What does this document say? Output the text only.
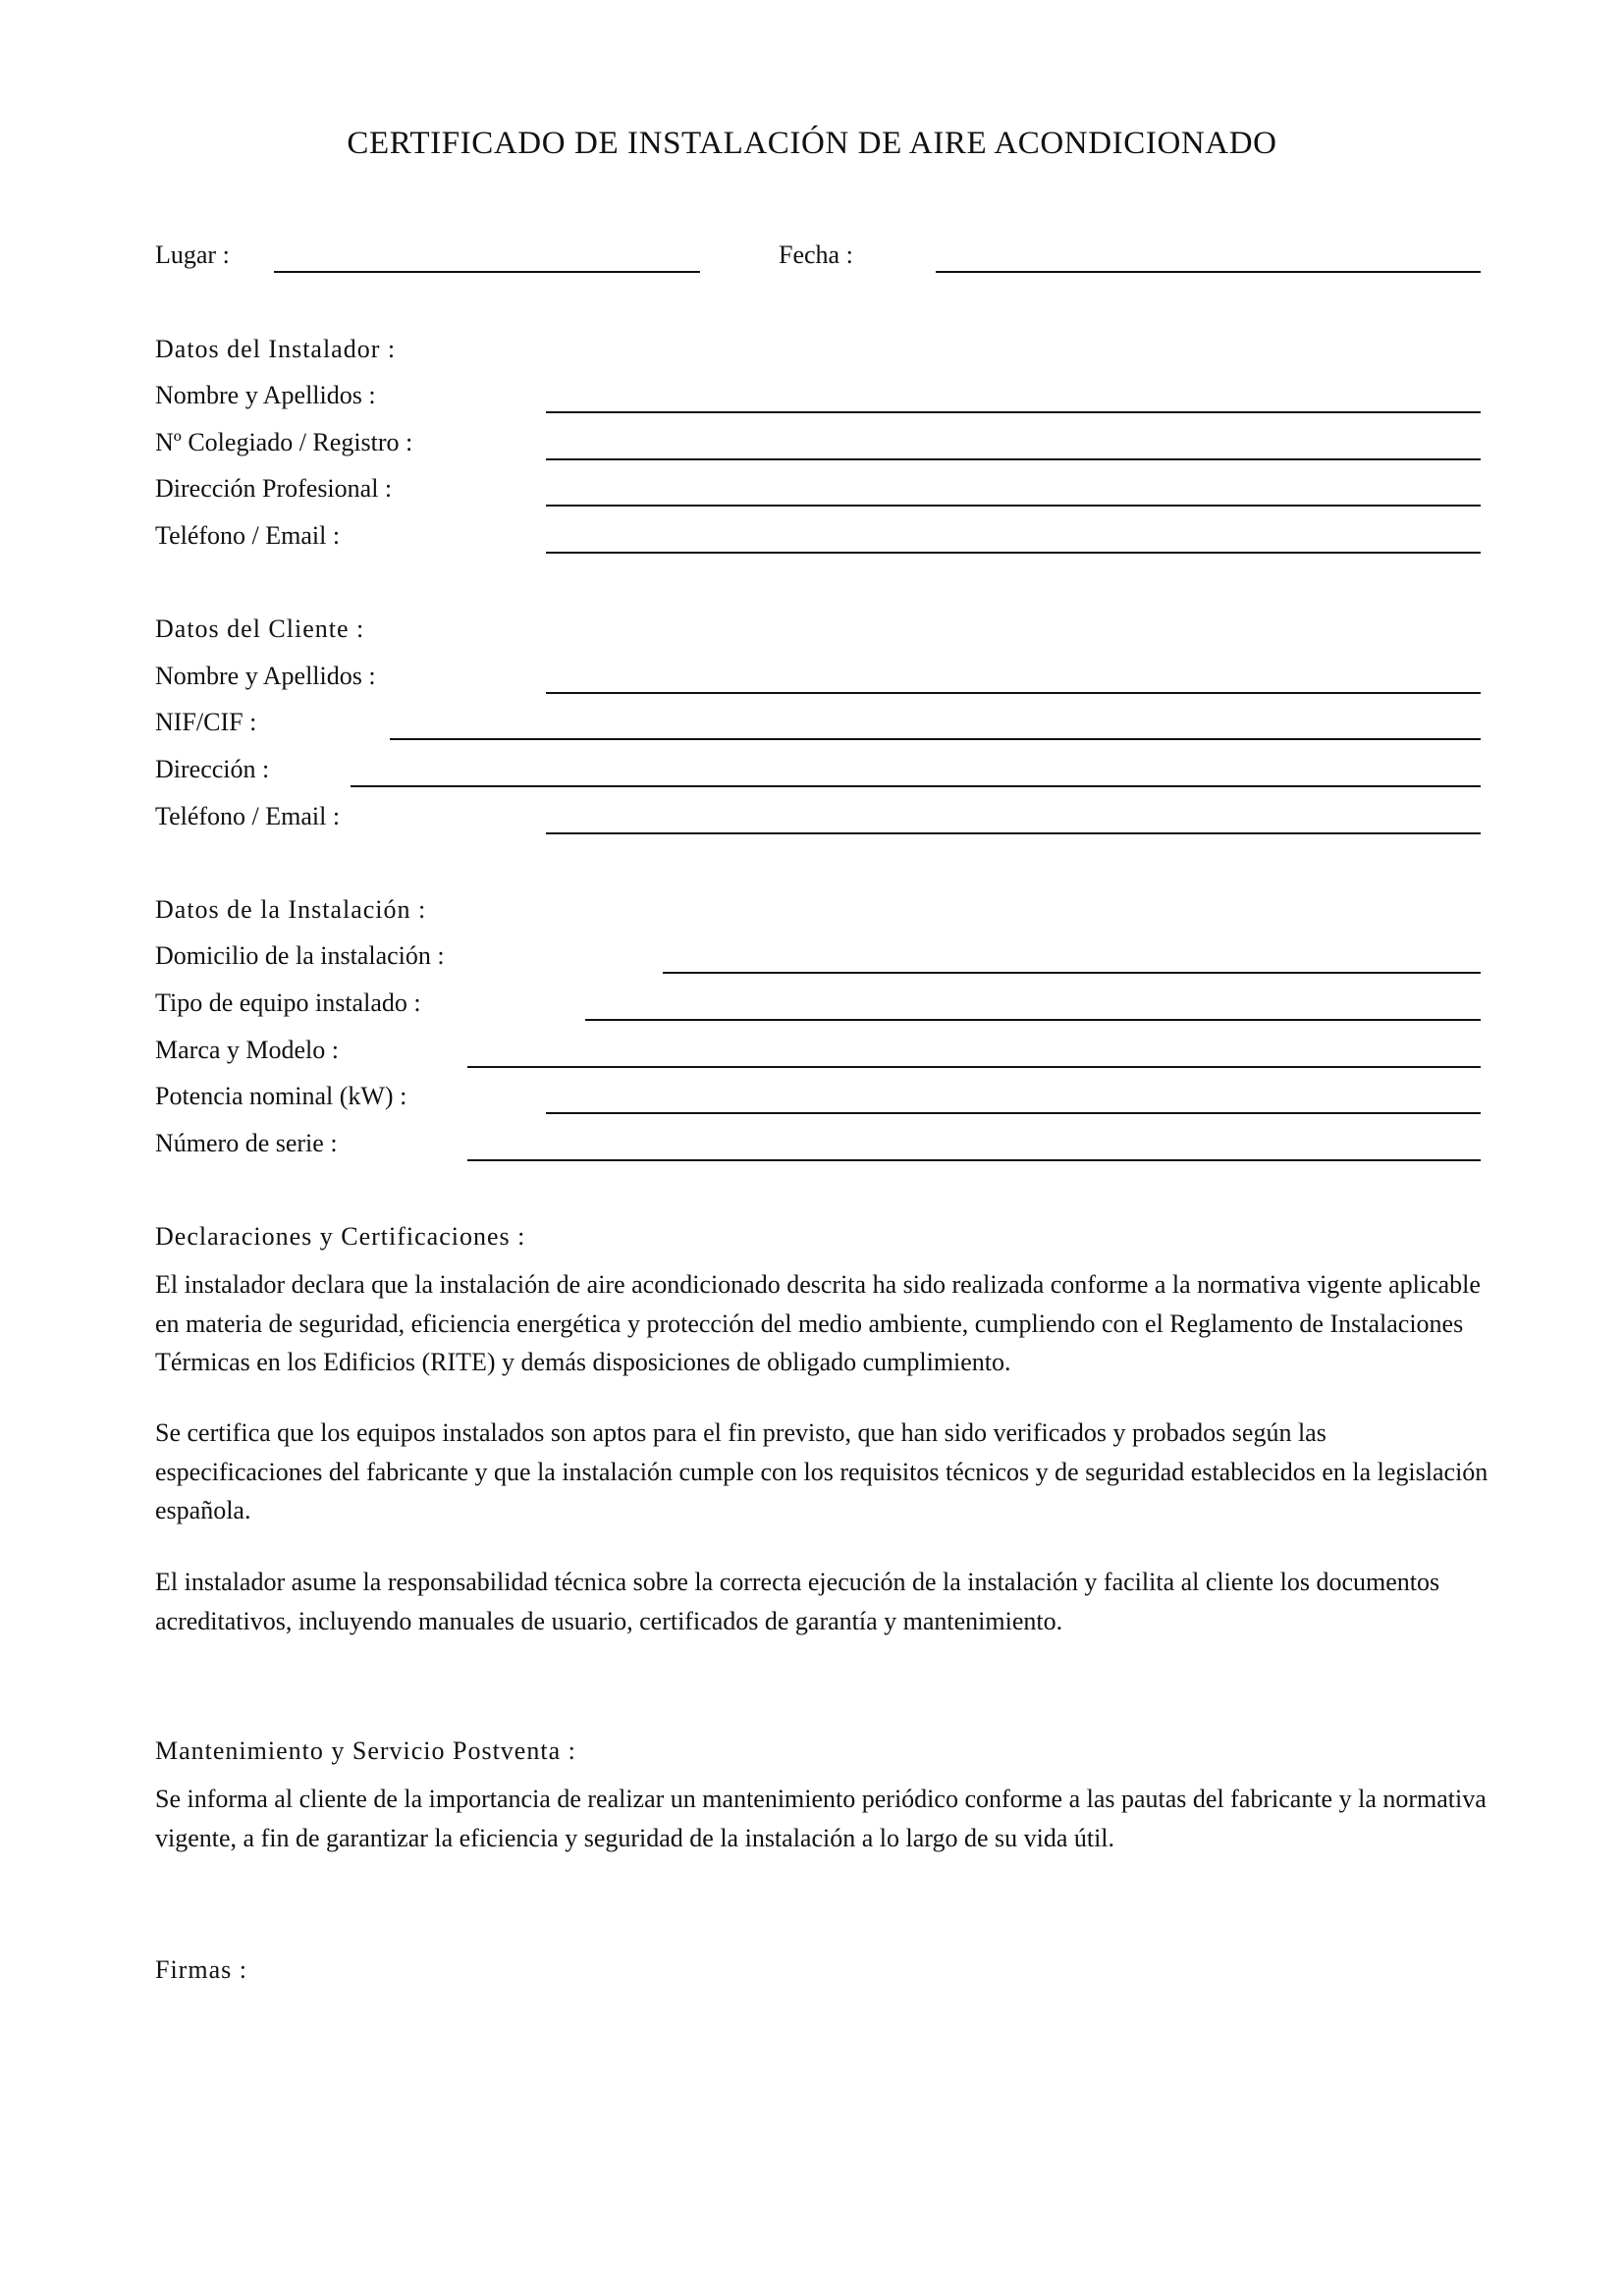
CERTIFICADO DE INSTALACIÓN DE AIRE ACONDICIONADO
Lugar :	Fecha :
Datos del Instalador :
Nombre y Apellidos :
Nº Colegiado / Registro :
Dirección Profesional :
Teléfono / Email :
Datos del Cliente :
Nombre y Apellidos :
NIF/CIF :
Dirección :
Teléfono / Email :
Datos de la Instalación :
Domicilio de la instalación :
Tipo de equipo instalado :
Marca y Modelo :
Potencia nominal (kW) :
Número de serie :
Declaraciones y Certificaciones :
El instalador declara que la instalación de aire acondicionado descrita ha sido realizada conforme a la normativa vigente aplicable en materia de seguridad, eficiencia energética y protección del medio ambiente, cumpliendo con el Reglamento de Instalaciones Térmicas en los Edificios (RITE) y demás disposiciones de obligado cumplimiento.
Se certifica que los equipos instalados son aptos para el fin previsto, que han sido verificados y probados según las especificaciones del fabricante y que la instalación cumple con los requisitos técnicos y de seguridad establecidos en la legislación española.
El instalador asume la responsabilidad técnica sobre la correcta ejecución de la instalación y facilita al cliente los documentos acreditativos, incluyendo manuales de usuario, certificados de garantía y mantenimiento.
Mantenimiento y Servicio Postventa :
Se informa al cliente de la importancia de realizar un mantenimiento periódico conforme a las pautas del fabricante y la normativa vigente, a fin de garantizar la eficiencia y seguridad de la instalación a lo largo de su vida útil.
Firmas :
